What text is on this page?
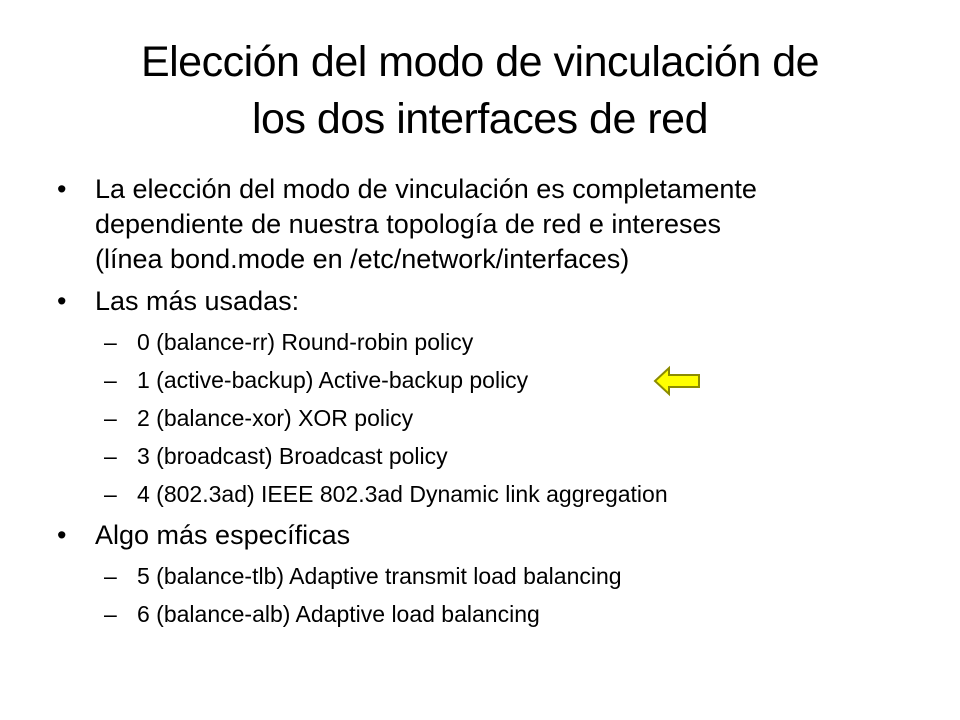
Elección del modo de vinculación de
los dos interfaces de red
•	La elección del modo de vinculación es completamente
dependiente de nuestra topología de red e intereses
(línea bond.mode en /etc/network/interfaces)
•	Las más usadas:
– 0 (balance-rr) Round-robin policy
– 1 (active-backup) Active-backup policy
– 2 (balance-xor) XOR policy
– 3 (broadcast) Broadcast policy
– 4 (802.3ad) IEEE 802.3ad Dynamic link aggregation
•	Algo más específicas
– 5 (balance-tlb) Adaptive transmit load balancing
– 6 (balance-alb) Adaptive load balancing
